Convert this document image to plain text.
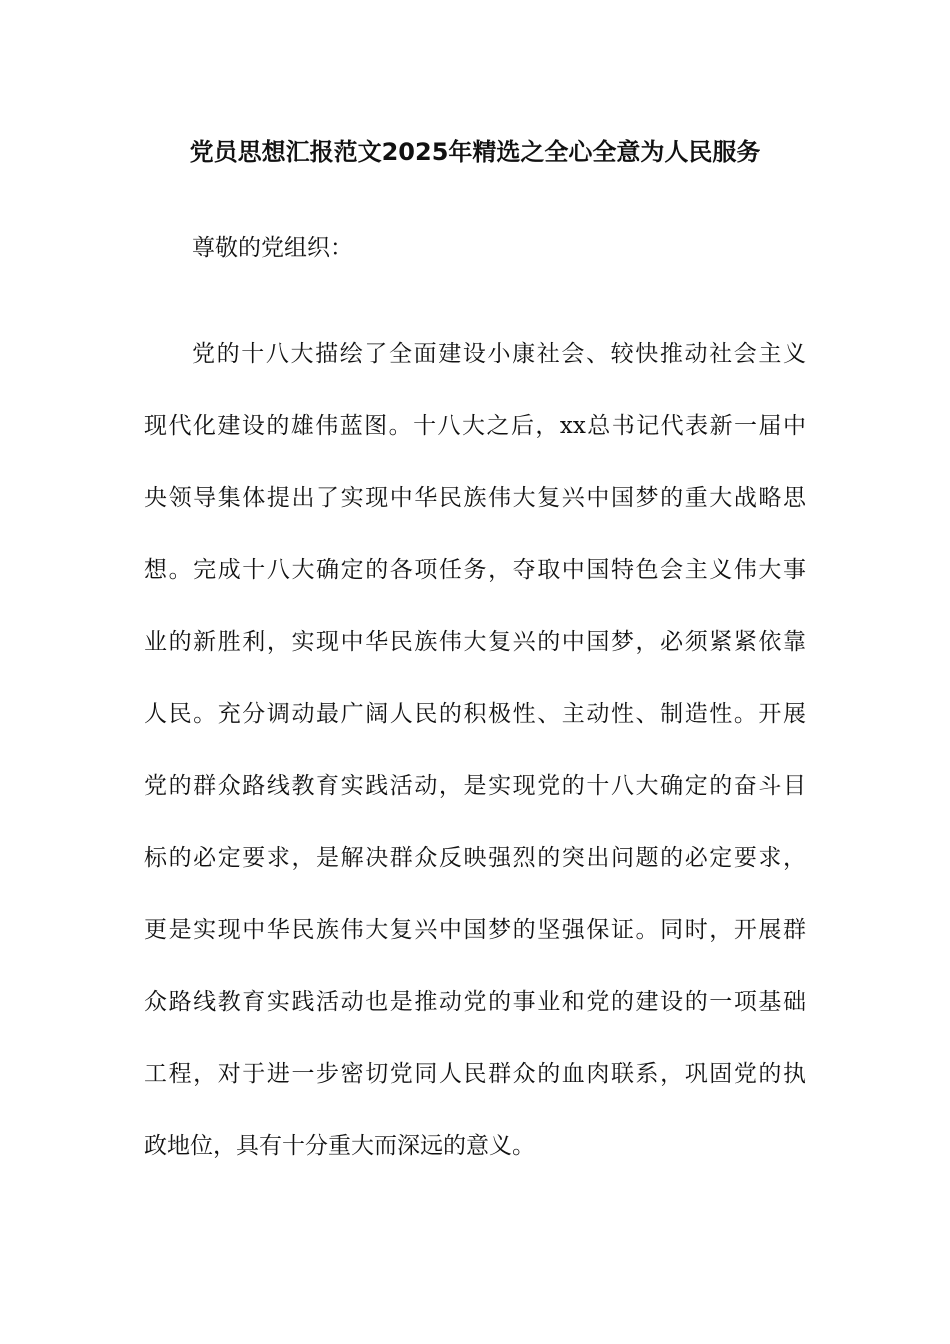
党员思想汇报范文2025年精选之全心全意为人民服务
尊敬的党组织：
党的十八大描绘了全面建设小康社会、较快推动社会主义
现代化建设的雄伟蓝图。十八大之后，xx总书记代表新一届中
央领导集体提出了实现中华民族伟大复兴中国梦的重大战略思
想。完成十八大确定的各项任务，夺取中国特色会主义伟大事
业的新胜利，实现中华民族伟大复兴的中国梦，必须紧紧依靠
人民。充分调动最广阔人民的积极性、主动性、制造性。开展
党的群众路线教育实践活动，是实现党的十八大确定的奋斗目
标的必定要求，是解决群众反映强烈的突出问题的必定要求，
更是实现中华民族伟大复兴中国梦的坚强保证。同时，开展群
众路线教育实践活动也是推动党的事业和党的建设的一项基础
工程，对于进一步密切党同人民群众的血肉联系，巩固党的执
政地位，具有十分重大而深远的意义。
